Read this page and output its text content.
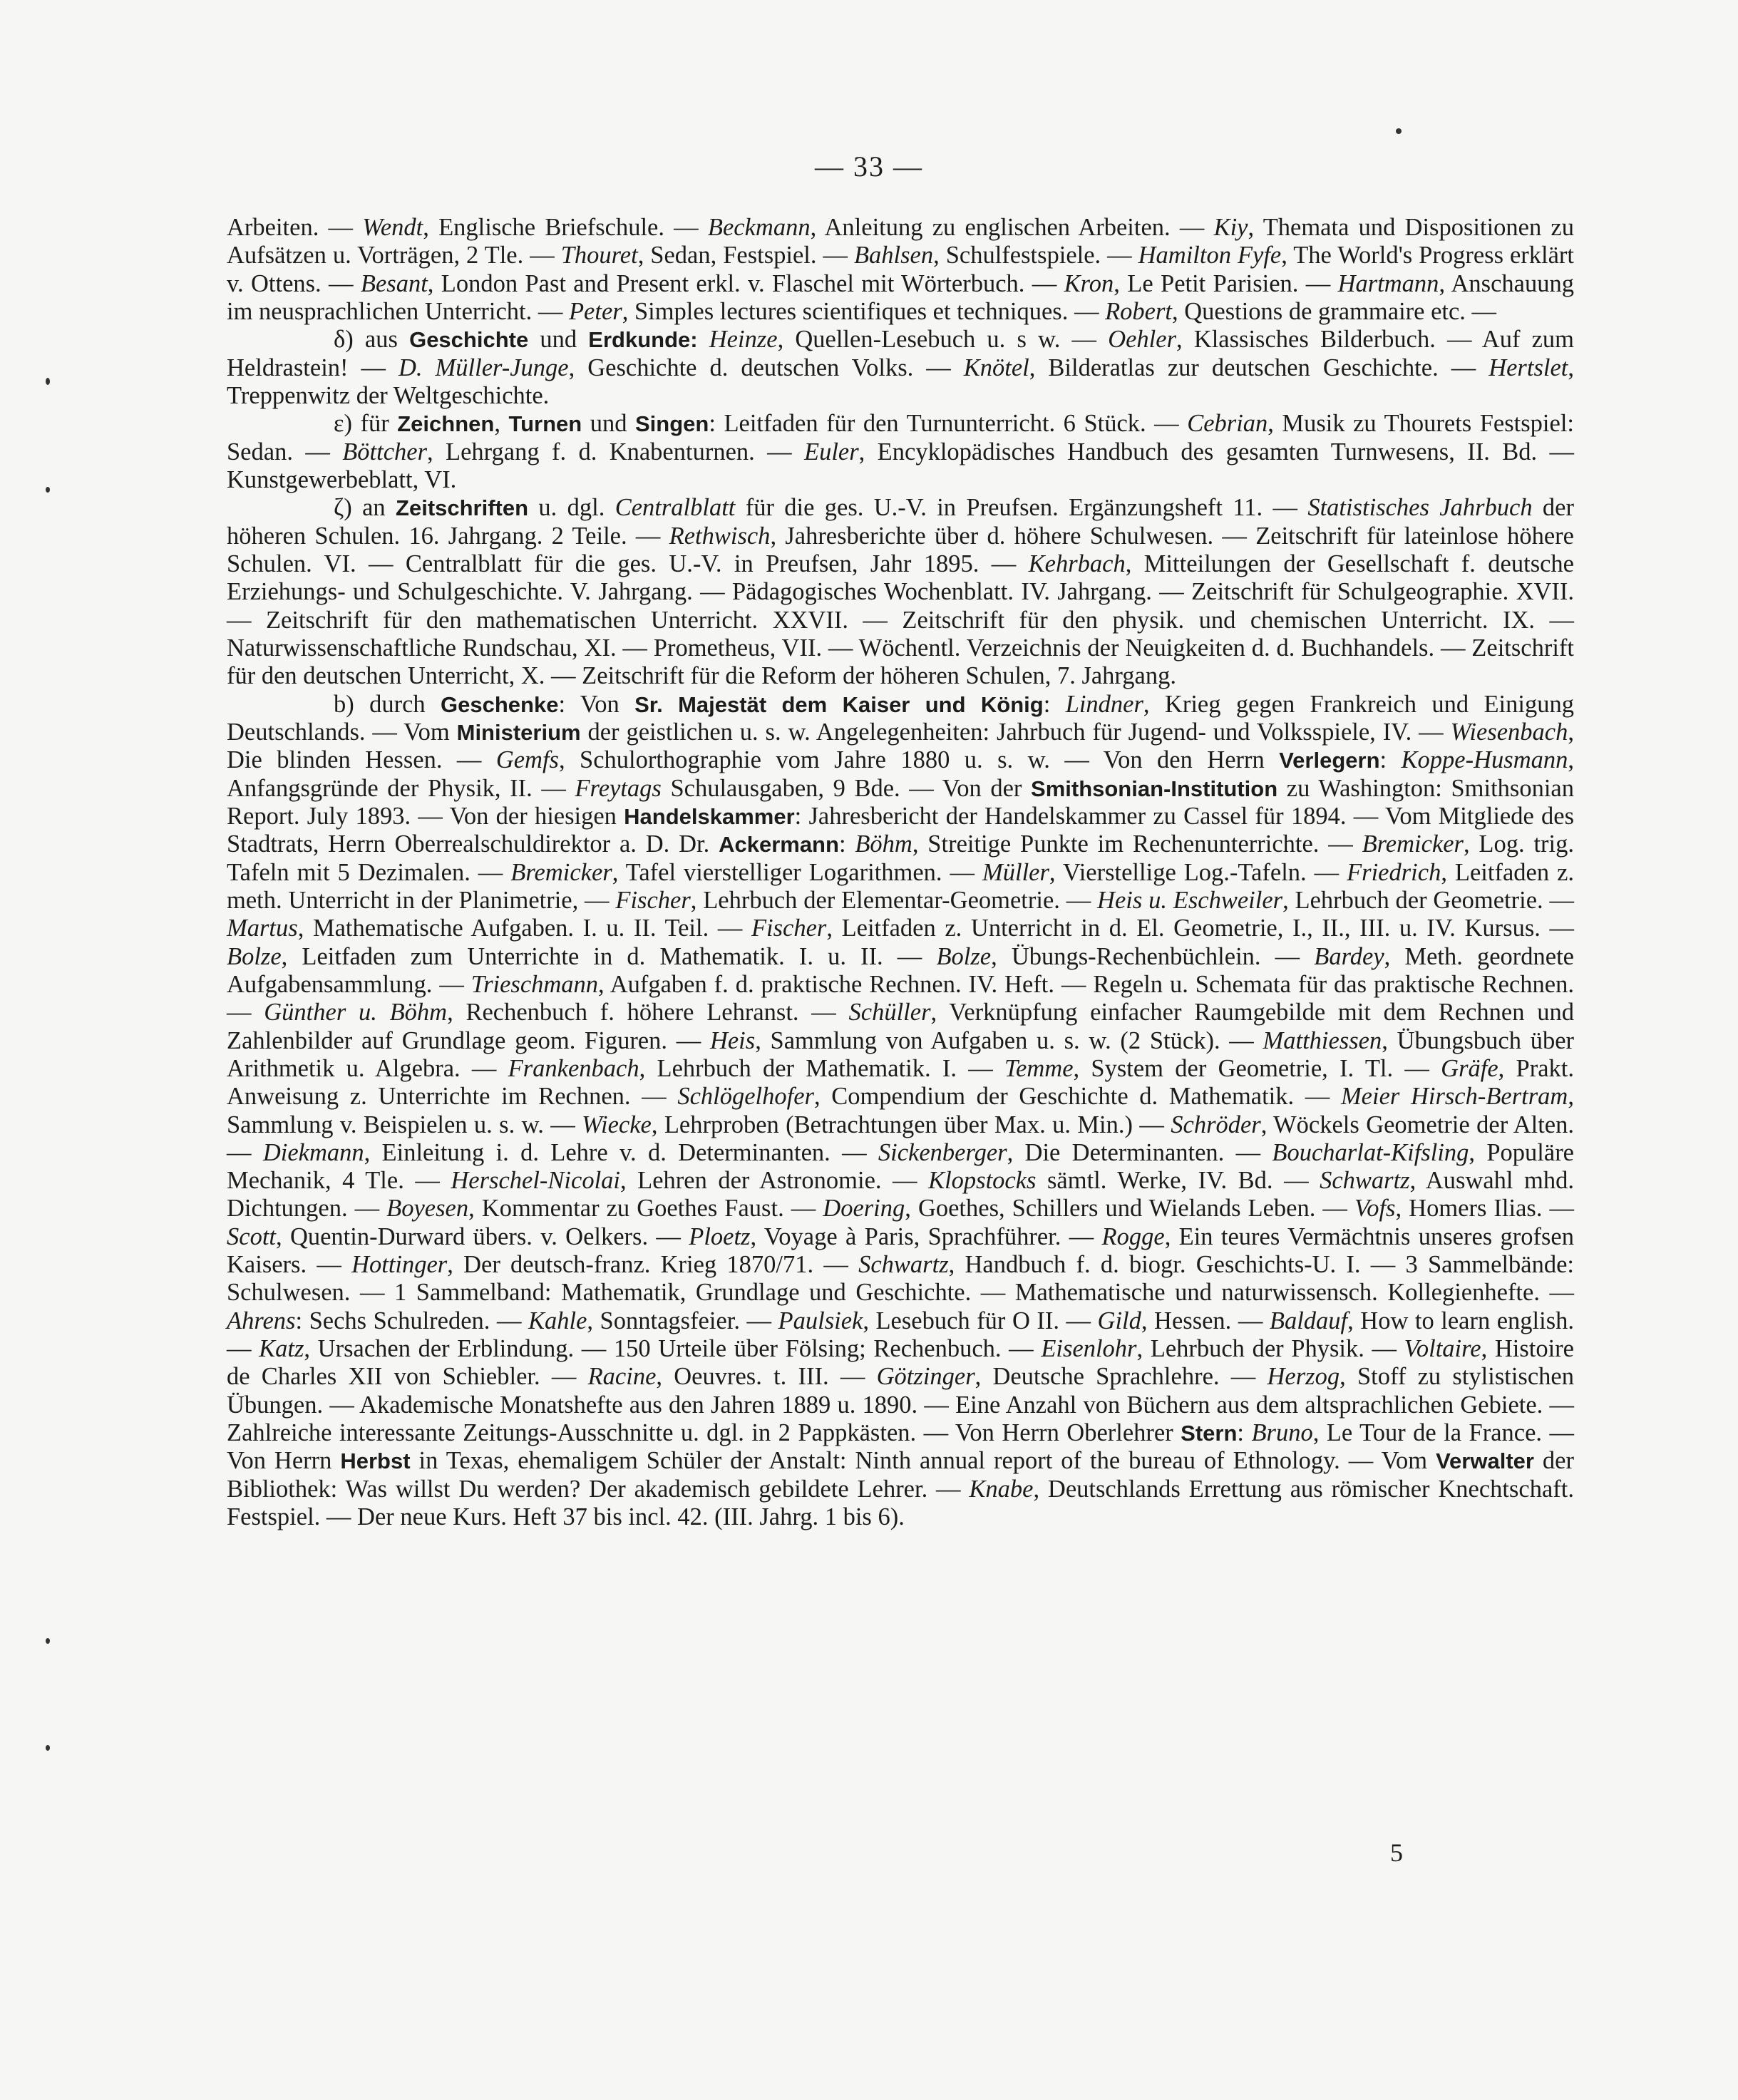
— 33 —

Arbeiten. — Wendt, Englische Briefschule. — Beckmann, Anleitung zu englischen Arbeiten. — Kiy, Themata und Dispositionen zu Aufsätzen u. Vorträgen, 2 Tle. — Thouret, Sedan, Festspiel. — Bahlsen, Schulfestspiele. — Hamilton Fyfe, The World's Progress erklärt v. Ottens. — Besant, London Past and Present erkl. v. Flaschel mit Wörterbuch. — Kron, Le Petit Parisien. — Hartmann, Anschauung im neusprachlichen Unterricht. — Peter, Simples lectures scientifiques et techniques. — Robert, Questions de grammaire etc. —

δ) aus Geschichte und Erdkunde: Heinze, Quellen-Lesebuch u. s w. — Oehler, Klassisches Bilderbuch. — Auf zum Heldrastein! — D. Müller-Junge, Geschichte d. deutschen Volks. — Knötel, Bilderatlas zur deutschen Geschichte. — Hertslet, Treppenwitz der Weltgeschichte.

ε) für Zeichnen, Turnen und Singen: Leitfaden für den Turnunterricht. 6 Stück. — Cebrian, Musik zu Thourets Festspiel: Sedan. — Böttcher, Lehrgang f. d. Knabenturnen. — Euler, Encyklopädisches Handbuch des gesamten Turnwesens, II. Bd. — Kunstgewerbeblatt, VI.

ζ) an Zeitschriften u. dgl. Centralblatt für die ges. U.-V. in Preufsen. Ergänzungsheft 11. — Statistisches Jahrbuch der höheren Schulen. 16. Jahrgang. 2 Teile. — Rethwisch, Jahresberichte über d. höhere Schulwesen. — Zeitschrift für lateinlose höhere Schulen. VI. — Centralblatt für die ges. U.-V. in Preufsen, Jahr 1895. — Kehrbach, Mitteilungen der Gesellschaft f. deutsche Erziehungs- und Schulgeschichte. V. Jahrgang. — Pädagogisches Wochenblatt. IV. Jahrgang. — Zeitschrift für Schulgeographie. XVII. — Zeitschrift für den mathematischen Unterricht. XXVII. — Zeitschrift für den physik. und chemischen Unterricht. IX. — Naturwissenschaftliche Rundschau, XI. — Prometheus, VII. — Wöchentl. Verzeichnis der Neuigkeiten d. d. Buchhandels. — Zeitschrift für den deutschen Unterricht, X. — Zeitschrift für die Reform der höheren Schulen, 7. Jahrgang.

b) durch Geschenke: Von Sr. Majestät dem Kaiser und König: Lindner, Krieg gegen Frankreich und Einigung Deutschlands. — Vom Ministerium der geistlichen u. s. w. Angelegenheiten: Jahrbuch für Jugend- und Volksspiele, IV. — Wiesenbach, Die blinden Hessen. — Gemfs, Schulorthographie vom Jahre 1880 u. s. w. — Von den Herrn Verlegern: Koppe-Husmann, Anfangsgründe der Physik, II. — Freytags Schulausgaben, 9 Bde. — Von der Smithsonian-Institution zu Washington: Smithsonian Report. July 1893. — Von der hiesigen Handelskammer: Jahresbericht der Handelskammer zu Cassel für 1894. — Vom Mitgliede des Stadtrats, Herrn Oberrealschuldirektor a. D. Dr. Ackermann: Böhm, Streitige Punkte im Rechenunterrichte. — Bremicker, Log. trig. Tafeln mit 5 Dezimalen. — Bremicker, Tafel vierstelliger Logarithmen. — Müller, Vierstellige Log.-Tafeln. — Friedrich, Leitfaden z. meth. Unterricht in der Planimetrie, — Fischer, Lehrbuch der Elementar-Geometrie. — Heis u. Eschweiler, Lehrbuch der Geometrie. — Martus, Mathematische Aufgaben. I. u. II. Teil. — Fischer, Leitfaden z. Unterricht in d. El. Geometrie, I., II., III. u. IV. Kursus. — Bolze, Leitfaden zum Unterrichte in d. Mathematik. I. u. II. — Bolze, Übungs-Rechenbüchlein. — Bardey, Meth. geordnete Aufgabensammlung. — Trieschmann, Aufgaben f. d. praktische Rechnen. IV. Heft. — Regeln u. Schemata für das praktische Rechnen. — Günther u. Böhm, Rechenbuch f. höhere Lehranst. — Schüller, Verknüpfung einfacher Raumgebilde mit dem Rechnen und Zahlenbilder auf Grundlage geom. Figuren. — Heis, Sammlung von Aufgaben u. s. w. (2 Stück). — Matthiessen, Übungsbuch über Arithmetik u. Algebra. — Frankenbach, Lehrbuch der Mathematik. I. — Temme, System der Geometrie, I. Tl. — Gräfe, Prakt. Anweisung z. Unterrichte im Rechnen. — Schlögelhofer, Compendium der Geschichte d. Mathematik. — Meier Hirsch-Bertram, Sammlung v. Beispielen u. s. w. — Wiecke, Lehrproben (Betrachtungen über Max. u. Min.) — Schröder, Wöckels Geometrie der Alten. — Diekmann, Einleitung i. d. Lehre v. d. Determinanten. — Sickenberger, Die Determinanten. — Boucharlat-Kifsling, Populäre Mechanik, 4 Tle. — Herschel-Nicolai, Lehren der Astronomie. — Klopstocks sämtl. Werke, IV. Bd. — Schwartz, Auswahl mhd. Dichtungen. — Boyesen, Kommentar zu Goethes Faust. — Doering, Goethes, Schillers und Wielands Leben. — Vofs, Homers Ilias. — Scott, Quentin-Durward übers. v. Oelkers. — Ploetz, Voyage à Paris, Sprachführer. — Rogge, Ein teures Vermächtnis unseres grofsen Kaisers. — Hottinger, Der deutsch-franz. Krieg 1870/71. — Schwartz, Handbuch f. d. biogr. Geschichts-U. I. — 3 Sammelbände: Schulwesen. — 1 Sammelband: Mathematik, Grundlage und Geschichte. — Mathematische und naturwissensch. Kollegienhefte. — Ahrens: Sechs Schulreden. — Kahle, Sonntagsfeier. — Paulsiek, Lesebuch für O II. — Gild, Hessen. — Baldauf, How to learn english. — Katz, Ursachen der Erblindung. — 150 Urteile über Fölsing; Rechenbuch. — Eisenlohr, Lehrbuch der Physik. — Voltaire, Histoire de Charles XII von Schiebler. — Racine, Oeuvres. t. III. — Götzinger, Deutsche Sprachlehre. — Herzog, Stoff zu stylistischen Übungen. — Akademische Monatshefte aus den Jahren 1889 u. 1890. — Eine Anzahl von Büchern aus dem altsprachlichen Gebiete. — Zahlreiche interessante Zeitungs-Ausschnitte u. dgl. in 2 Pappkästen. — Von Herrn Oberlehrer Stern: Bruno, Le Tour de la France. — Von Herrn Herbst in Texas, ehemaligem Schüler der Anstalt: Ninth annual report of the bureau of Ethnology. — Vom Verwalter der Bibliothek: Was willst Du werden? Der akademisch gebildete Lehrer. — Knabe, Deutschlands Errettung aus römischer Knechtschaft. Festspiel. — Der neue Kurs. Heft 37 bis incl. 42. (III. Jahrg. 1 bis 6).

5
